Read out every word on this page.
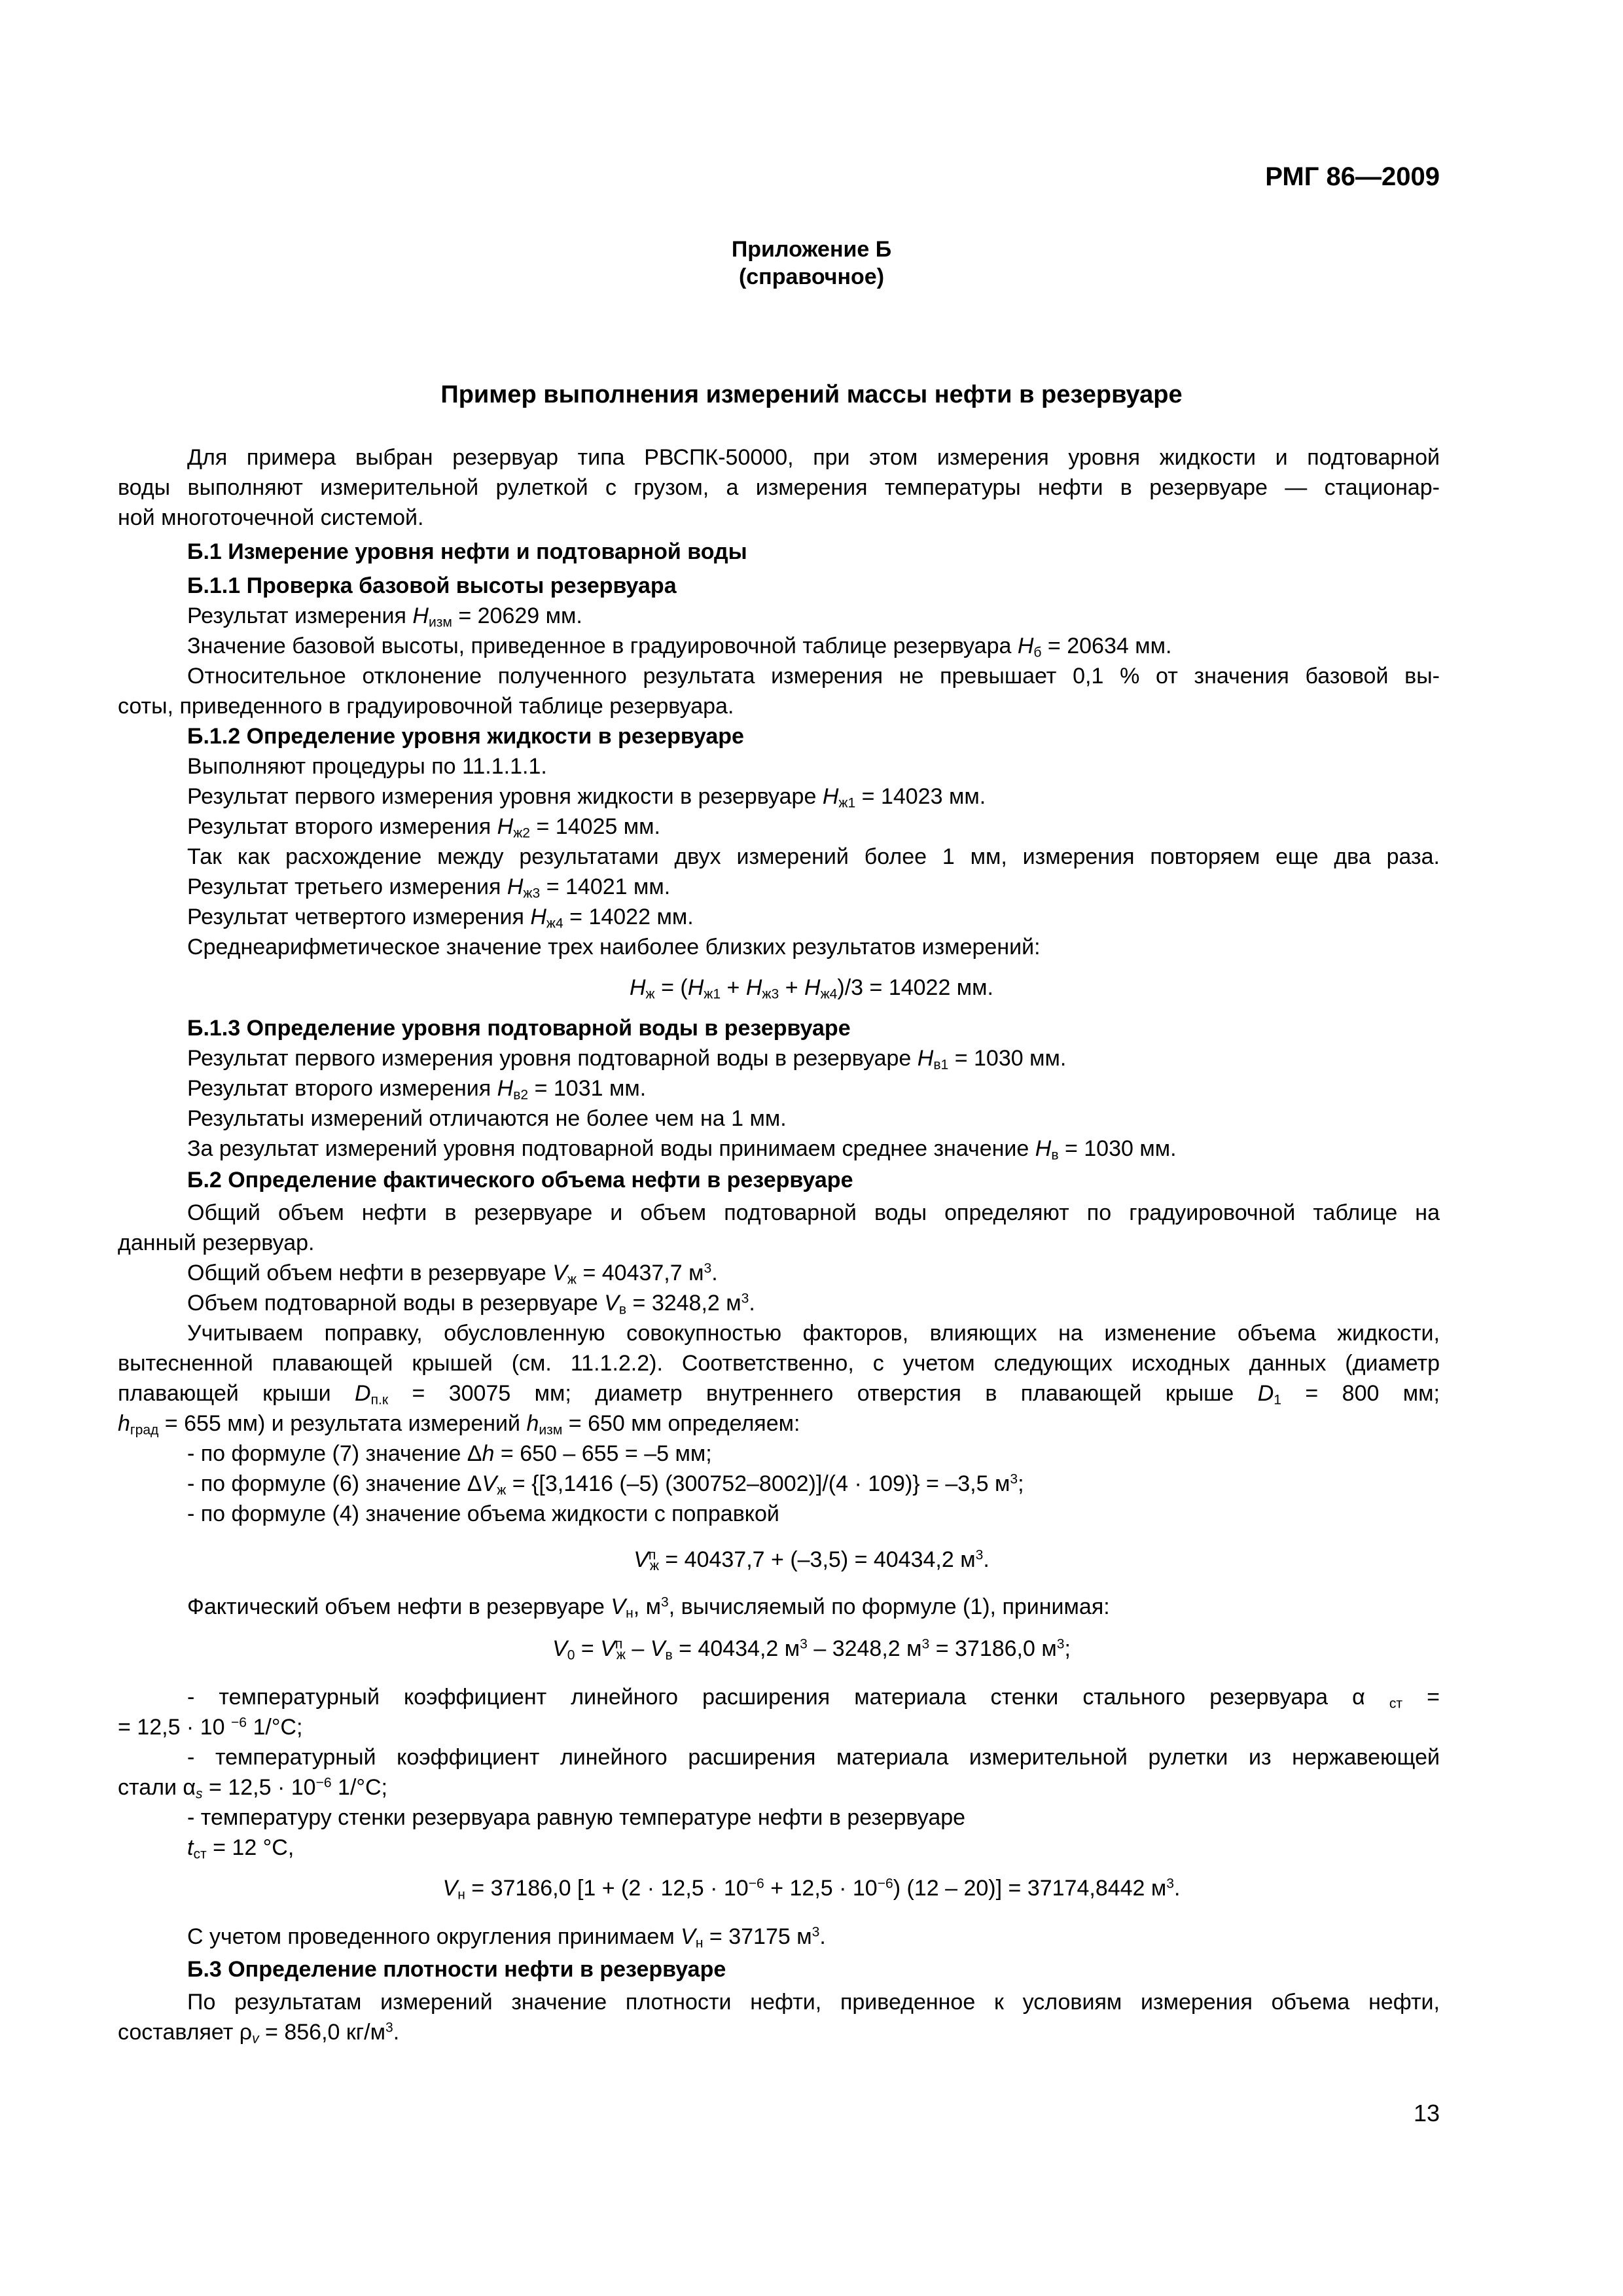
РМГ 86—2009
Приложение Б
(справочное)
Пример выполнения измерений массы нефти в резервуаре
Для примера выбран резервуар типа РВСПК-50000, при этом измерения уровня жидкости и подтоварной
воды выполняют измерительной рулеткой с грузом, а измерения температуры нефти в резервуаре — стационар-
ной многоточечной системой.
Б.1 Измерение уровня нефти и подтоварной воды
Б.1.1 Проверка базовой высоты резервуара
Результат измерения $H_{изм} = 20629$ мм.
Значение базовой высоты, приведенное в градуировочной таблице резервуара $H_б = 20634$ мм.
Относительное отклонение полученного результата измерения не превышает 0,1 % от значения базовой вы-
соты, приведенного в градуировочной таблице резервуара.
Б.1.2 Определение уровня жидкости в резервуаре
Выполняют процедуры по 11.1.1.1.
Результат первого измерения уровня жидкости в резервуаре $H_{ж1} = 14023$ мм.
Результат второго измерения $H_{ж2} = 14025$ мм.
Так как расхождение между результатами двух измерений более 1 мм, измерения повторяем еще два раза.
Результат третьего измерения $H_{ж3} = 14021$ мм.
Результат четвертого измерения $H_{ж4} = 14022$ мм.
Среднеарифметическое значение трех наиболее близких результатов измерений:
$H_ж = (H_{ж1} + H_{ж3} + H_{ж4})/3 = 14022$ мм.
Б.1.3 Определение уровня подтоварной воды в резервуаре
Результат первого измерения уровня подтоварной воды в резервуаре $H_{в1} = 1030$ мм.
Результат второго измерения $H_{в2} = 1031$ мм.
Результаты измерений отличаются не более чем на 1 мм.
За результат измерений уровня подтоварной воды принимаем среднее значение $H_в = 1030$ мм.
Б.2 Определение фактического объема нефти в резервуаре
Общий объем нефти в резервуаре и объем подтоварной воды определяют по градуировочной таблице на
данный резервуар.
Общий объем нефти в резервуаре $V_ж = 40437,7$ $м^3$.
Объем подтоварной воды в резервуаре $V_в = 3248,2$ $м^3$.
Учитываем поправку, обусловленную совокупностью факторов, влияющих на изменение объема жидкости,
вытесненной плавающей крышей (см. 11.1.2.2). Соответственно, с учетом следующих исходных данных (диаметр
плавающей крыши $D_{п.к} = 30075$ мм; диаметр внутреннего отверстия в плавающей крыше $D_1 = 800$ мм;
$h_{град} = 655$ мм) и результата измерений $h_{изм} = 650$ мм определяем:
- по формуле (7) значение Δh = 650 – 655 = –5 мм;
- по формуле (6) значение $\Delta V_ж = \{[3,1416$ (–5) (300752–8002)]/(4 · 109)} = –3,5 $м^3$;
- по формуле (4) значение объема жидкости с поправкой
$V^п_ж = 40437,7 + (-3,5) = 40434,2$ $м^3$.
Фактический объем нефти в резервуаре $V_н$, $м^3$, вычисляемый по формуле (1), принимая:
$V_0 = V^п_ж - V_в = 40434,2$ $м^3 - 3248,2$ $м^3 = 37186,0$ $м^3$;
- температурный коэффициент линейного расширения материала стенки стального резервуара α $_{ст}$ =
= 12,5 · 10 $^{-6}$ 1/°С;
- температурный коэффициент линейного расширения материала измерительной рулетки из нержавеющей
стали $\alpha_s = 12,5 \cdot 10^{-6}$ 1/°С;
- температуру стенки резервуара равную температуре нефти в резервуаре
$t_{ст} = 12$ °С,
$V_н = 37186,0$ [$1 + (2 \cdot 12,5 \cdot 10^{-6} + 12,5 \cdot 10^{-6})$ (12 – 20)] = 37174,8442 $м^3$.
С учетом проведенного округления принимаем $V_н = 37175$ $м^3$.
Б.3 Определение плотности нефти в резервуаре
По результатам измерений значение плотности нефти, приведенное к условиям измерения объема нефти,
составляет $\rho_v = 856,0$ $кг/м^3$.
13
